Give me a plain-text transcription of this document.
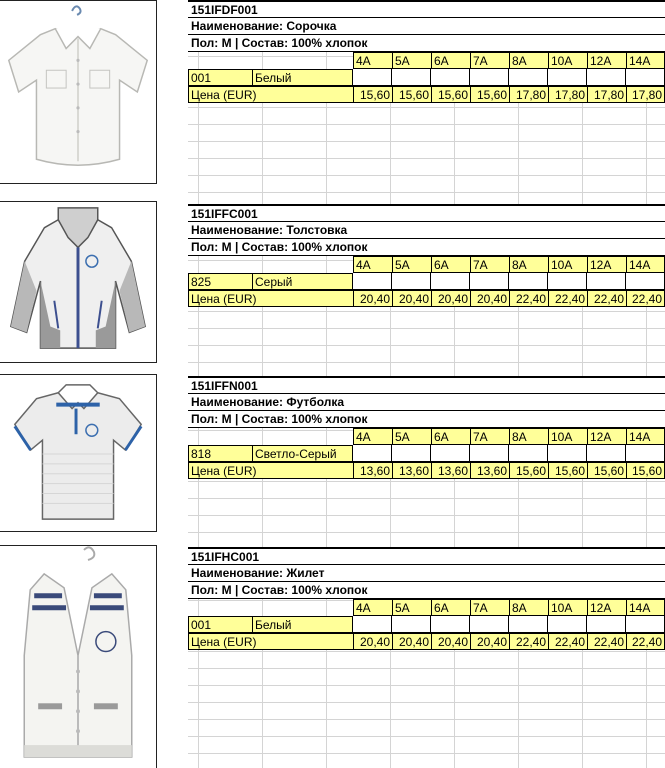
151IFDF001
Наименование: Сорочка
Пол: М | Состав: 100% хлопок
4A	5A	6A	7A	8A	10A	12A	14A
001	Белый
Цена (EUR)	15,60 15,60 15,60 15,60 17,80 17,80 17,80 17,80
151IFFC001
Наименование: Толстовка
Пол: М | Состав: 100% хлопок
4A	5A	6A	7A	8A	10A	12A	14A
825	Серый
Цена (EUR)	20,40 20,40 20,40 20,40 22,40 22,40 22,40 22,40
151IFFN001
Наименование: Футболка
Пол: М | Состав: 100% хлопок
4A	5A	6A	7A	8A	10A	12A	14A
818	Светло-Серый
Цена (EUR)	13,60 13,60 13,60 13,60 15,60 15,60 15,60 15,60
151IFHC001
Наименование: Жилет
Пол: М | Состав: 100% хлопок
4A	5A	6A	7A	8A	10A	12A	14A
001	Белый
Цена (EUR)	20,40 20,40 20,40 20,40 22,40 22,40 22,40 22,40
